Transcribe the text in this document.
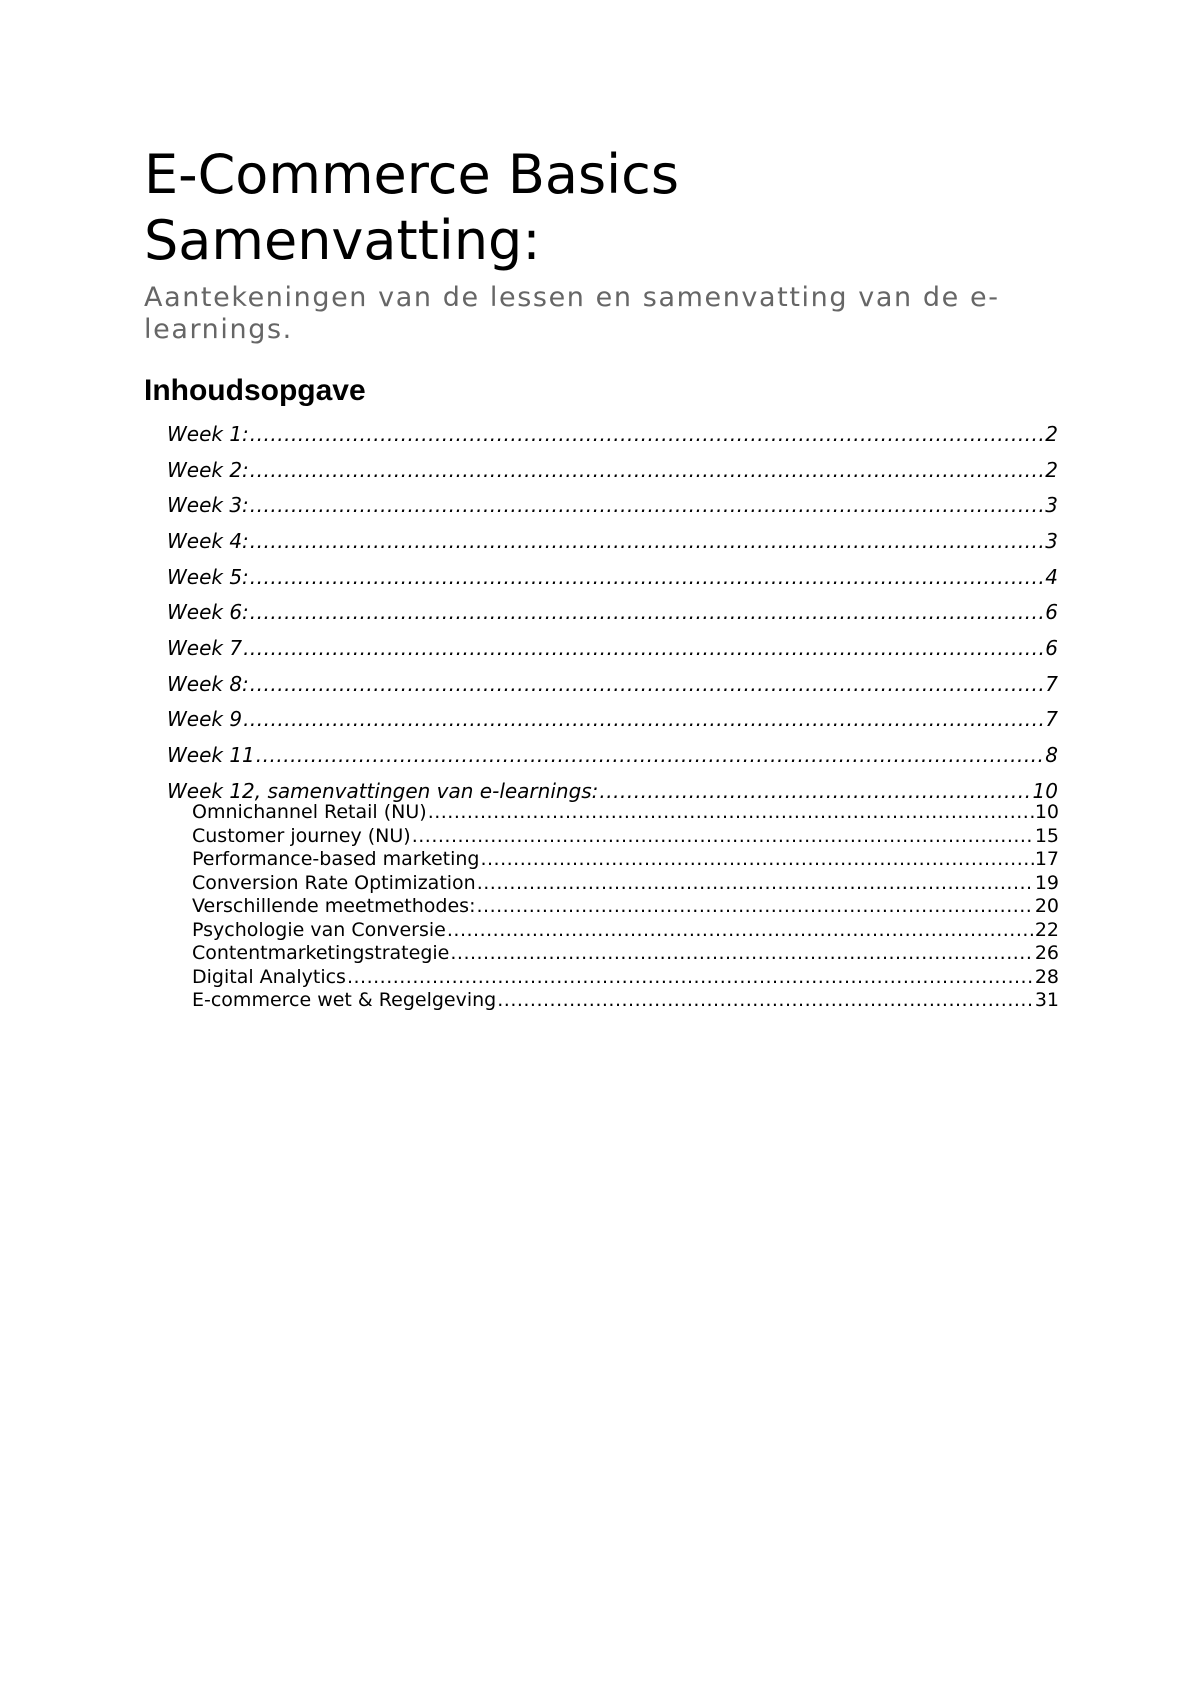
E-Commerce Basics
Samenvatting:

Aantekeningen van de lessen en samenvatting van de e-learnings.

Inhoudsopgave
Week 1: .....	2
Week 2: .....	2
Week 3: .....	3
Week 4: .....	3
Week 5: .....	4
Week 6: .....	6
Week 7 .....	6
Week 8: .....	7
Week 9 .....	7
Week 11 .....	8
Week 12, samenvattingen van e-learnings: .....	10
Omnichannel Retail (NU) .....	10
Customer journey (NU) .....	15
Performance-based marketing .....	17
Conversion Rate Optimization .....	19
Verschillende meetmethodes: .....	20
Psychologie van Conversie .....	22
Contentmarketingstrategie .....	26
Digital Analytics .....	28
E-commerce wet & Regelgeving .....	31
